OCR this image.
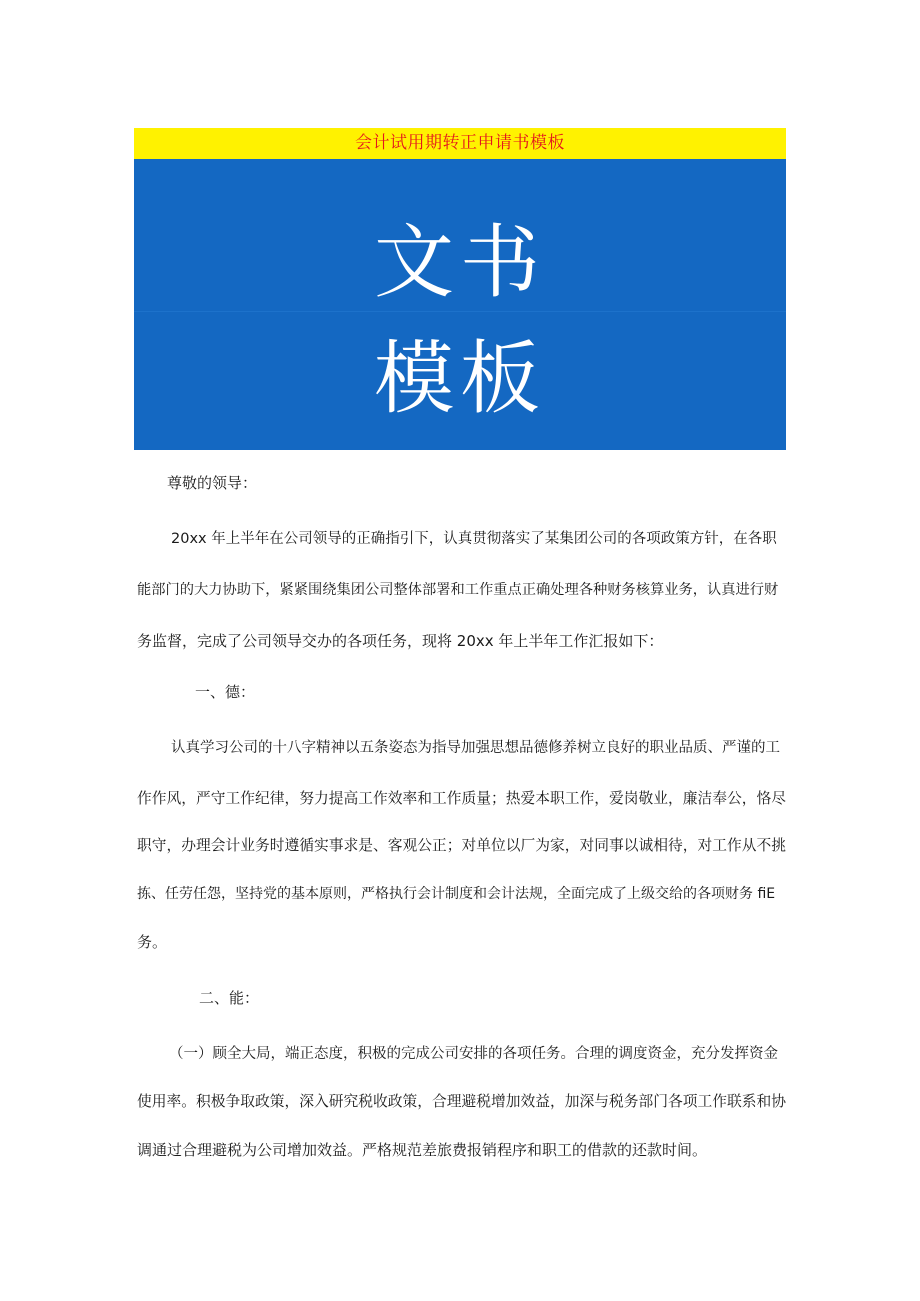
会计试用期转正申请书模板
文书
模板
尊敬的领导：
20xx 年上半年在公司领导的正确指引下，认真贯彻落实了某集团公司的各项政策方针，在各职
能部门的大力协助下，紧紧围绕集团公司整体部署和工作重点正确处理各种财务核算业务，认真进行财
务监督，完成了公司领导交办的各项任务，现将 20xx 年上半年工作汇报如下：
一、德：
认真学习公司的十八字精神以五条姿态为指导加强思想品德修养树立良好的职业品质、严谨的工
作作风，严守工作纪律，努力提高工作效率和工作质量；热爱本职工作，爱岗敬业，廉洁奉公，恪尽
职守，办理会计业务时遵循实事求是、客观公正；对单位以厂为家，对同事以诚相待，对工作从不挑
拣、任劳任怨，坚持党的基本原则，严格执行会计制度和会计法规，全面完成了上级交给的各项财务 fiE
务。
二、能：
（一）顾全大局，端正态度，积极的完成公司安排的各项任务。合理的调度资金，充分发挥资金
使用率。积极争取政策，深入研究税收政策，合理避税增加效益，加深与税务部门各项工作联系和协
调通过合理避税为公司增加效益。严格规范差旅费报销程序和职工的借款的还款时间。
